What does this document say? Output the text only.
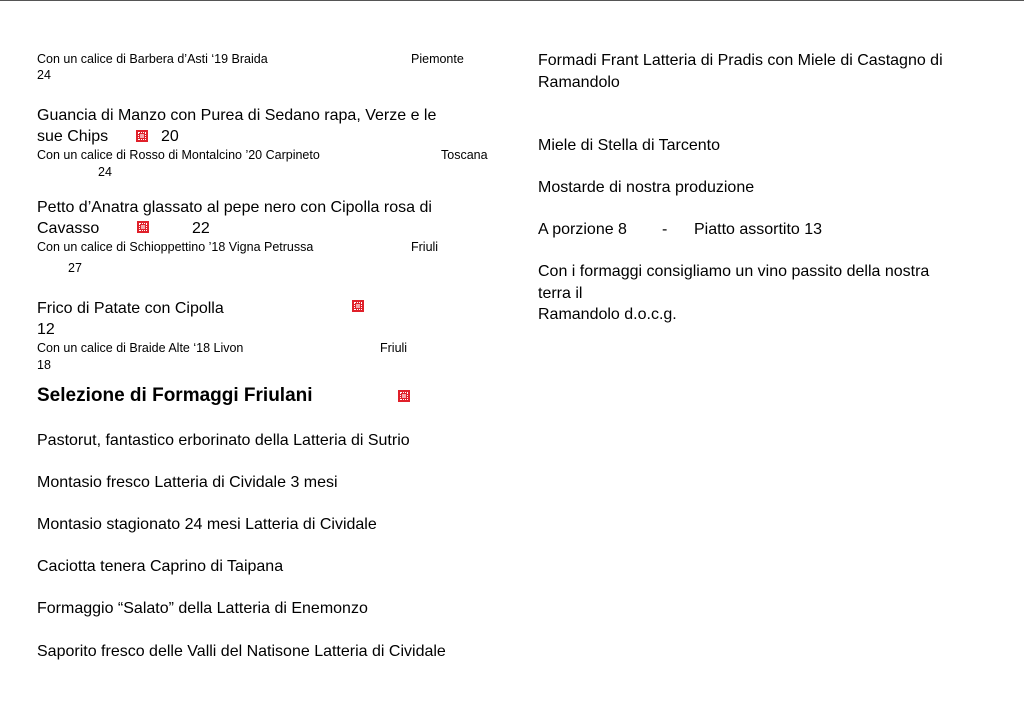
Con un calice di Barbera d’Asti ‘19 Braida	Piemonte
24
Guancia di Manzo con Purea di Sedano rapa, Verze e le
sue Chips
	20
Con un calice di Rosso di Montalcino ’20 Carpineto	Toscana
24
Petto d’Anatra glassato al pepe nero con Cipolla rosa di
Cavasso
	22
Con un calice di Schioppettino ’18 Vigna Petrussa	Friuli
27
Frico di Patate con Cipolla

12
Con un calice di Braide Alte ‘18 Livon	Friuli
18
Selezione di Formaggi Friulani
Pastorut, fantastico erborinato della Latteria di Sutrio
Montasio fresco Latteria di Cividale 3 mesi
Montasio stagionato 24 mesi Latteria di Cividale
Caciotta tenera Caprino di Taipana
Formaggio “Salato” della Latteria di Enemonzo
Saporito fresco delle Valli del Natisone Latteria di Cividale
Formadi Frant Latteria di Pradis con Miele di Castagno di
Ramandolo
Miele di Stella di Tarcento
Mostarde di nostra produzione
A porzione 8 - Piatto assortito 13
Con i formaggi consigliamo un vino passito della nostra
terra il
Ramandolo d.o.c.g.
